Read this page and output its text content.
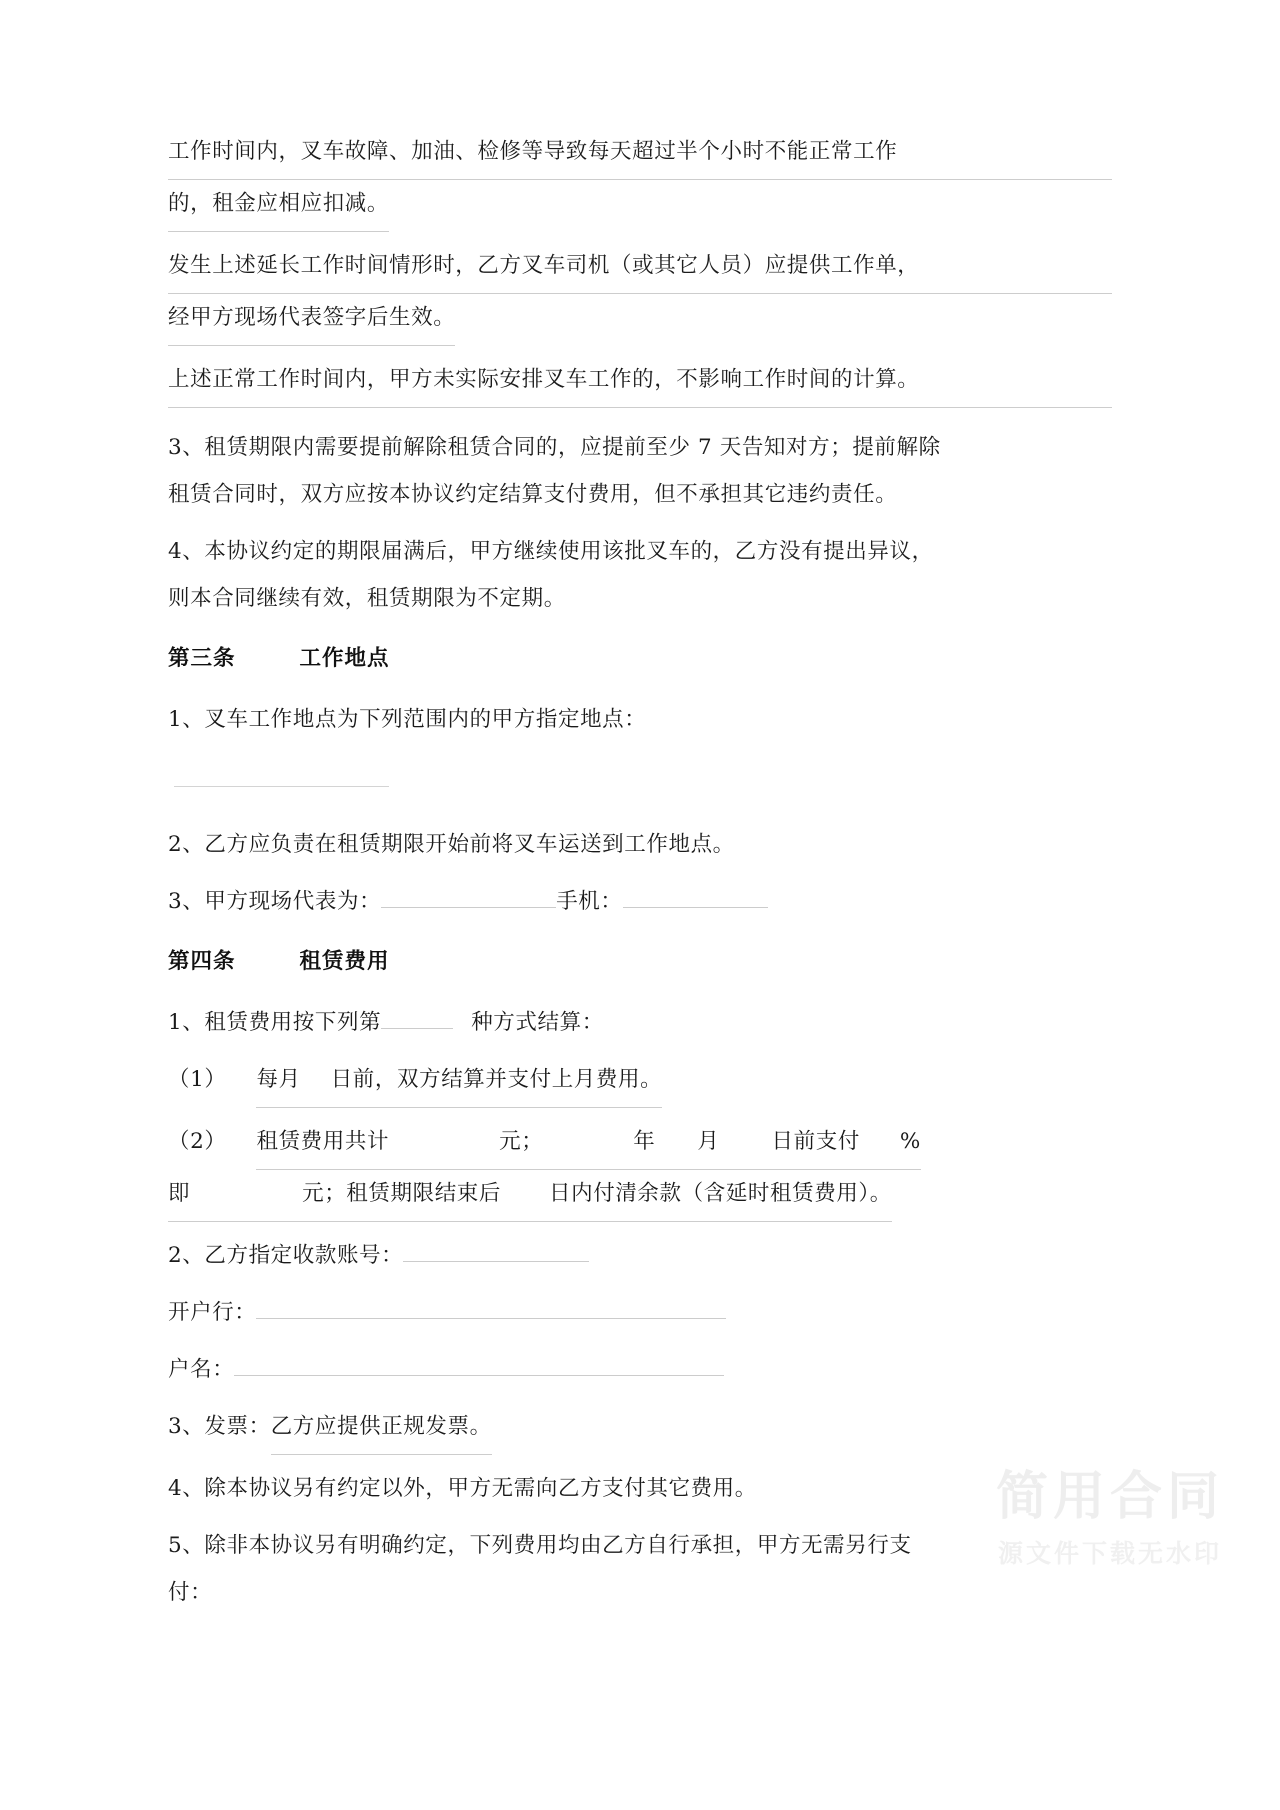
工作时间内，叉车故障、加油、检修等导致每天超过半个小时不能正常工作
的，租金应相应扣减。
发生上述延长工作时间情形时，乙方叉车司机（或其它人员）应提供工作单，
经甲方现场代表签字后生效。
上述正常工作时间内，甲方未实际安排叉车工作的，不影响工作时间的计算。
3、租赁期限内需要提前解除租赁合同的，应提前至少 7 天告知对方；提前解除
租赁合同时，双方应按本协议约定结算支付费用，但不承担其它违约责任。
4、本协议约定的期限届满后，甲方继续使用该批叉车的，乙方没有提出异议，
则本合同继续有效，租赁期限为不定期。
第三条	工作地点
1、叉车工作地点为下列范围内的甲方指定地点：
2、乙方应负责在租赁期限开始前将叉车运送到工作地点。
3、甲方现场代表为：	手机：
第四条	租赁费用
1、租赁费用按下列第	种方式结算：
（1） 每月 日前，双方结算并支付上月费用。
（2） 租赁费用共计	元；	年 月 日前支付 %
即	元；租赁期限结束后 日内付清余款（含延时租赁费用）。
2、乙方指定收款账号：
开户行：
户名：
3、发票：乙方应提供正规发票。
4、除本协议另有约定以外，甲方无需向乙方支付其它费用。
5、除非本协议另有明确约定，下列费用均由乙方自行承担，甲方无需另行支
付：
简用合同
源文件下载无水印
